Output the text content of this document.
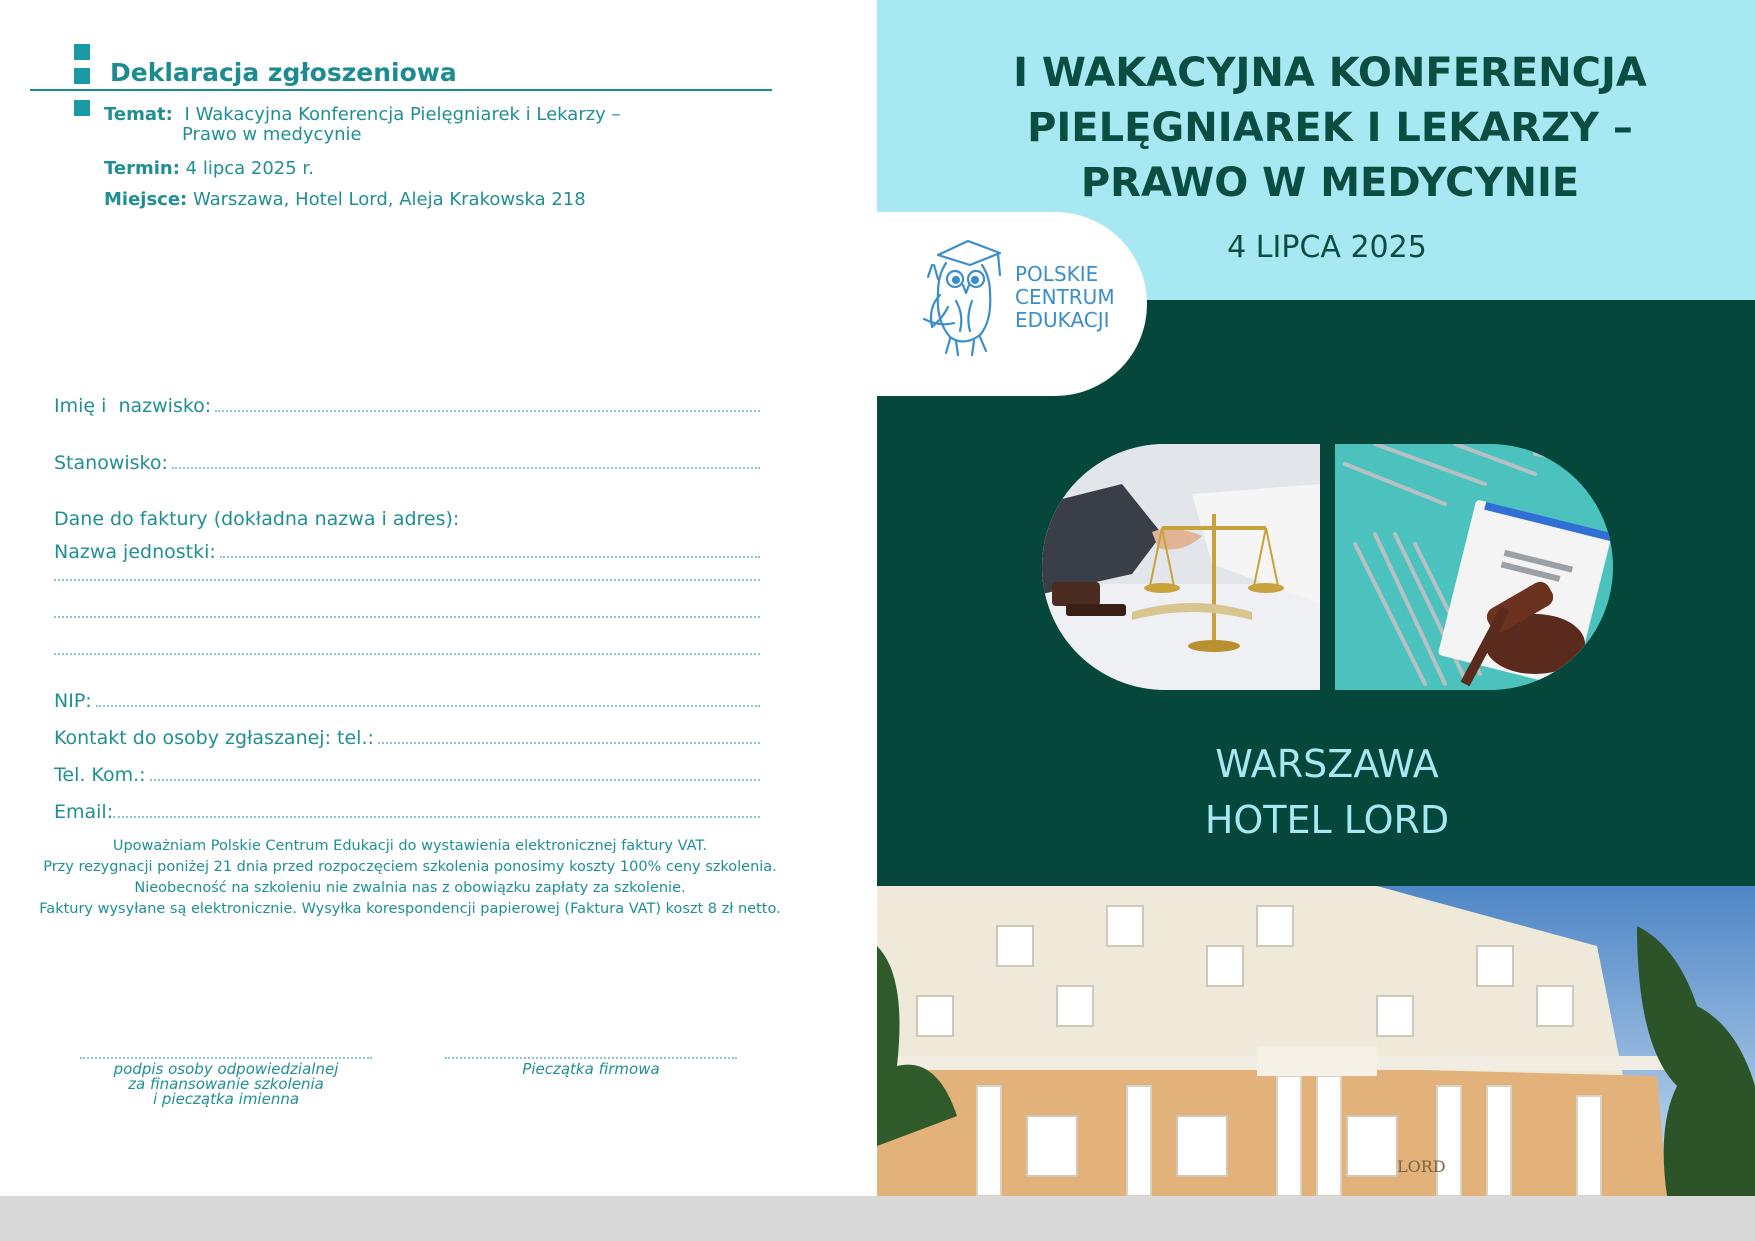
Deklaracja zgłoszeniowa
Temat: I Wakacyjna Konferencja Pielęgniarek i Lekarzy –
Prawo w medycynie
Termin: 4 lipca 2025 r.
Miejsce: Warszawa, Hotel Lord, Aleja Krakowska 218
Imię i  nazwisko:
Stanowisko:
Dane do faktury (dokładna nazwa i adres):
Nazwa jednostki:
NIP:
Kontakt do osoby zgłaszanej: tel.:
Tel. Kom.:
Email:
Upoważniam Polskie Centrum Edukacji do wystawienia elektronicznej faktury VAT.
Przy rezygnacji poniżej 21 dnia przed rozpoczęciem szkolenia ponosimy koszty 100% ceny szkolenia.
Nieobecność na szkoleniu nie zwalnia nas z obowiązku zapłaty za szkolenie.
Faktury wysyłane są elektronicznie. Wysyłka korespondencji papierowej (Faktura VAT) koszt 8 zł netto.
podpis osoby odpowiedzialnej
za finansowanie szkolenia
i pieczątka imienna
Pieczątka firmowa
I WAKACYJNA KONFERENCJA
PIELĘGNIAREK I LEKARZY –
PRAWO W MEDYCYNIE
4 LIPCA 2025
POLSKIE
CENTRUM
EDUKACJI
WARSZAWA
HOTEL LORD
LORD
